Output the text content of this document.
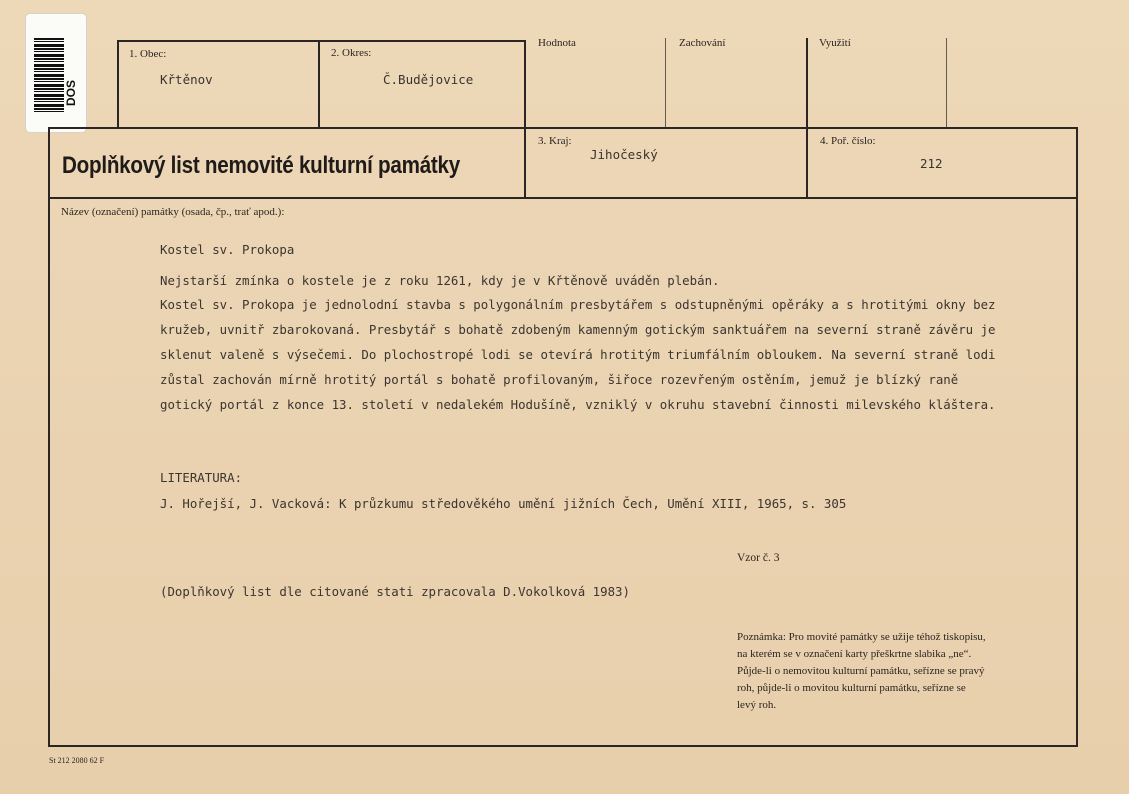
DOS
1. Obec:
Křtěnov
2. Okres:
Č.Budějovice
Hodnota	Zachování	Využití
Doplňkový list nemovité kulturní památky
3. Kraj:
Jihočeský
4. Poř. číslo:
212
Název (označení) památky (osada, čp., trať apod.):
Kostel sv. Prokopa
Nejstarší zmínka o kostele je z roku 1261, kdy je v Křtěnově uváděn plebán.
Kostel sv. Prokopa je jednolodní stavba s polygonálním presbytářem s odstupněnými opěráky a s hrotitými okny bez
kružeb, uvnitř zbarokovaná. Presbytář s bohatě zdobeným kamenným gotickým sanktuářem na severní straně závěru je
sklenut valeně s výsečemi. Do plochostropé lodi se otevírá hrotitým triumfálním obloukem. Na severní straně lodi
zůstal zachován mírně hrotitý portál s bohatě profilovaným, šiřoce rozevřeným ostěním, jemuž je blízký raně
gotický portál z konce 13. století v nedalekém Hodušíně, vzniklý v okruhu stavební činnosti milevského kláštera.
LITERATURA:
J. Hořejší, J. Vacková: K průzkumu středověkého umění jižních Čech, Umění XIII, 1965, s. 305
Vzor č. 3
(Doplňkový list dle citované stati zpracovala D.Vokolková 1983)
Poznámka: Pro movité památky se užije téhož tiskopisu,
na kterém se v označení karty přeškrtne slabika „ne“.
Půjde-li o nemovitou kulturní památku, seřízne se pravý
roh, půjde-li o movitou kulturní památku, seřízne se
levý roh.
St 212 2080 62 F
